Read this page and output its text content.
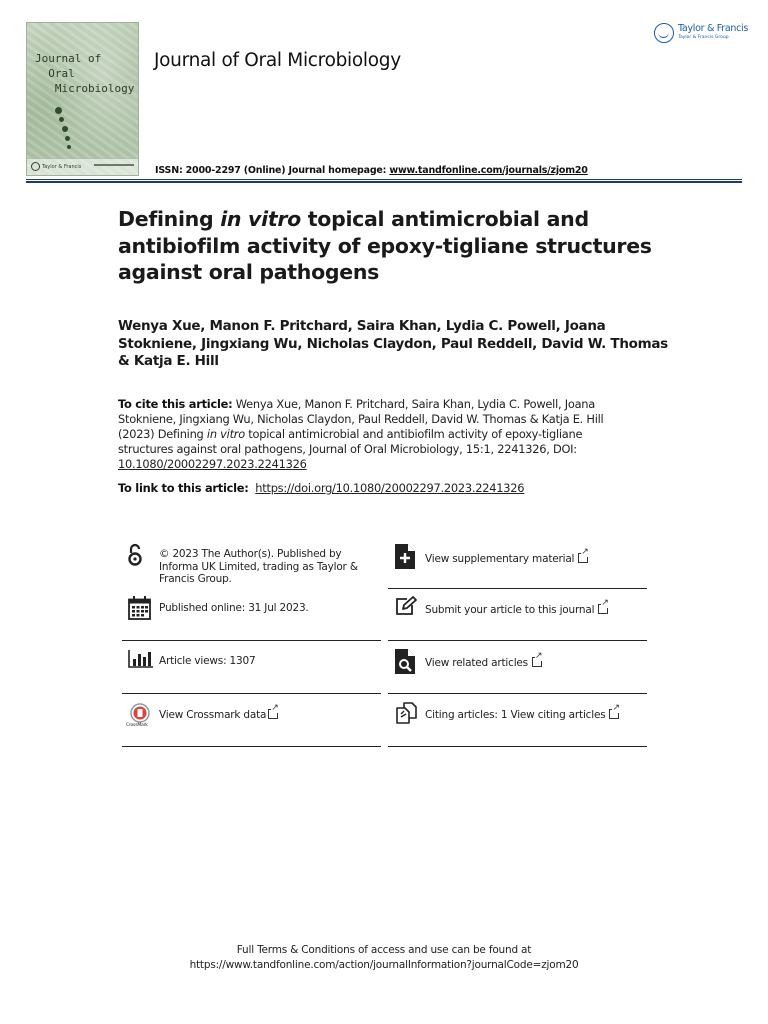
Journal of
Oral
Microbiology
Taylor & Francis
Journal of Oral Microbiology
ISSN: 2000-2297 (Online) Journal homepage: www.tandfonline.com/journals/zjom20
Taylor & Francis
Taylor & Francis Group
Defining in vitro topical antimicrobial and antibiofilm activity of epoxy-tigliane structures against oral pathogens
Wenya Xue, Manon F. Pritchard, Saira Khan, Lydia C. Powell, Joana Stokniene, Jingxiang Wu, Nicholas Claydon, Paul Reddell, David W. Thomas & Katja E. Hill
To cite this article: Wenya Xue, Manon F. Pritchard, Saira Khan, Lydia C. Powell, Joana Stokniene, Jingxiang Wu, Nicholas Claydon, Paul Reddell, David W. Thomas & Katja E. Hill (2023) Defining in vitro topical antimicrobial and antibiofilm activity of epoxy-tigliane structures against oral pathogens, Journal of Oral Microbiology, 15:1, 2241326, DOI: 10.1080/20002297.2023.2241326
To link to this article: https://doi.org/10.1080/20002297.2023.2241326
© 2023 The Author(s). Published by Informa UK Limited, trading as Taylor & Francis Group.
View supplementary material↗
Published online: 31 Jul 2023.	Submit your article to this journal↗
Article views: 1307	View related articles↗
CrossMark
View Crossmark data↗	Citing articles: 1 View citing articles↗
Full Terms & Conditions of access and use can be found at
https://www.tandfonline.com/action/journalInformation?journalCode=zjom20
